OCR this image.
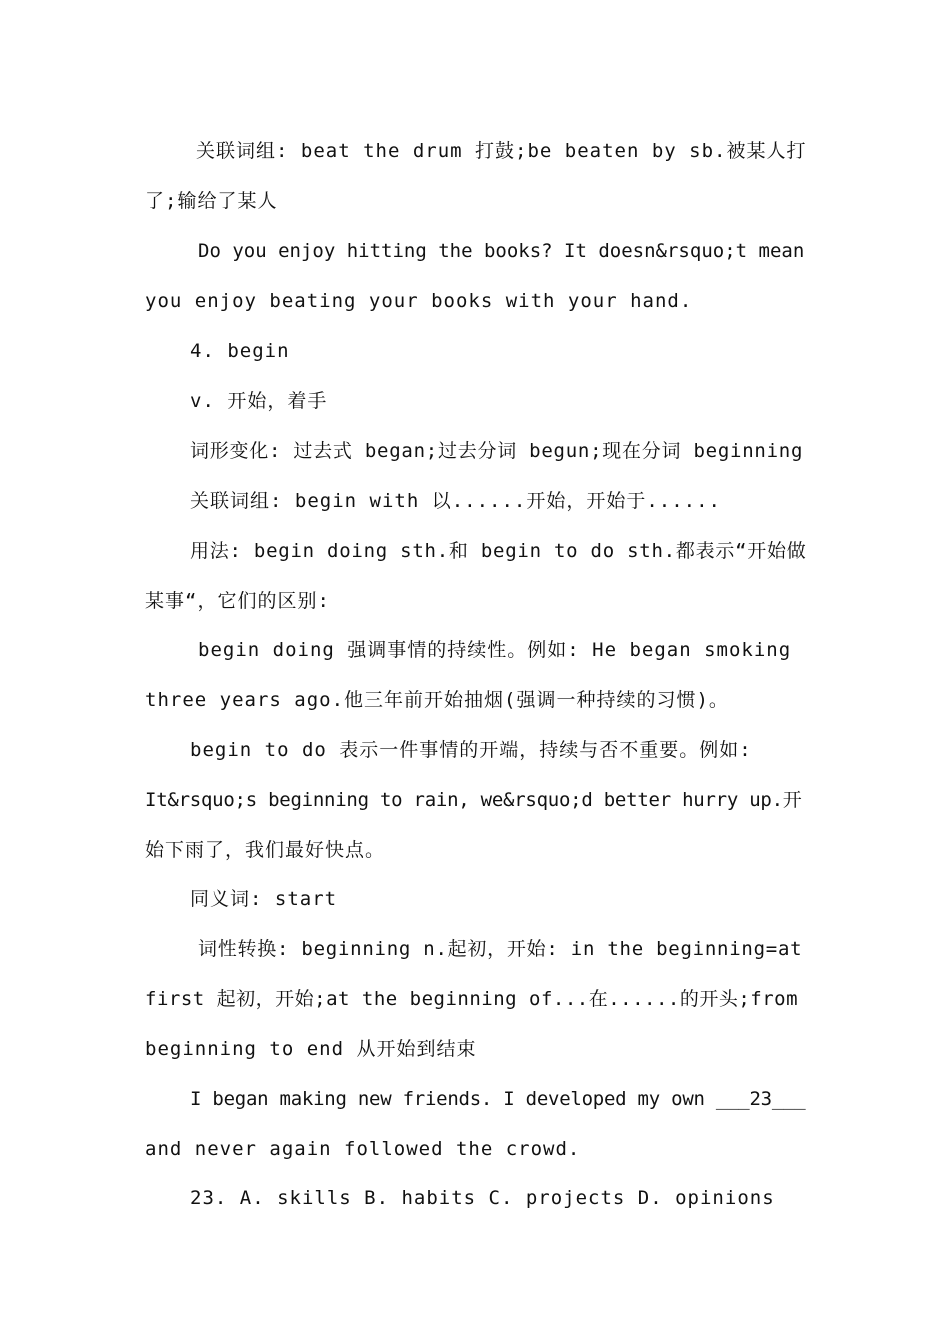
关联词组: beat the drum 打鼓;be beaten by sb.被某人打
了;输给了某人
Do you enjoy hitting the books? It doesn&rsquo;t mean
you enjoy beating your books with your hand.
4. begin
v. 开始，着手
词形变化: 过去式 began;过去分词 begun;现在分词 beginning
关联词组: begin with 以......开始，开始于......
用法: begin doing sth.和 begin to do sth.都表示“开始做
某事“，它们的区别:
begin doing 强调事情的持续性。例如: He began smoking
three years ago.他三年前开始抽烟(强调一种持续的习惯)。
begin to do 表示一件事情的开端，持续与否不重要。例如:
It&rsquo;s beginning to rain, we&rsquo;d better hurry up.开
始下雨了，我们最好快点。
同义词: start
词性转换: beginning n.起初，开始: in the beginning=at
first 起初，开始;at the beginning of...在......的开头;from
beginning to end 从开始到结束
I began making new friends. I developed my own ___23___
and never again followed the crowd.
23. A. skills B. habits C. projects D. opinions
